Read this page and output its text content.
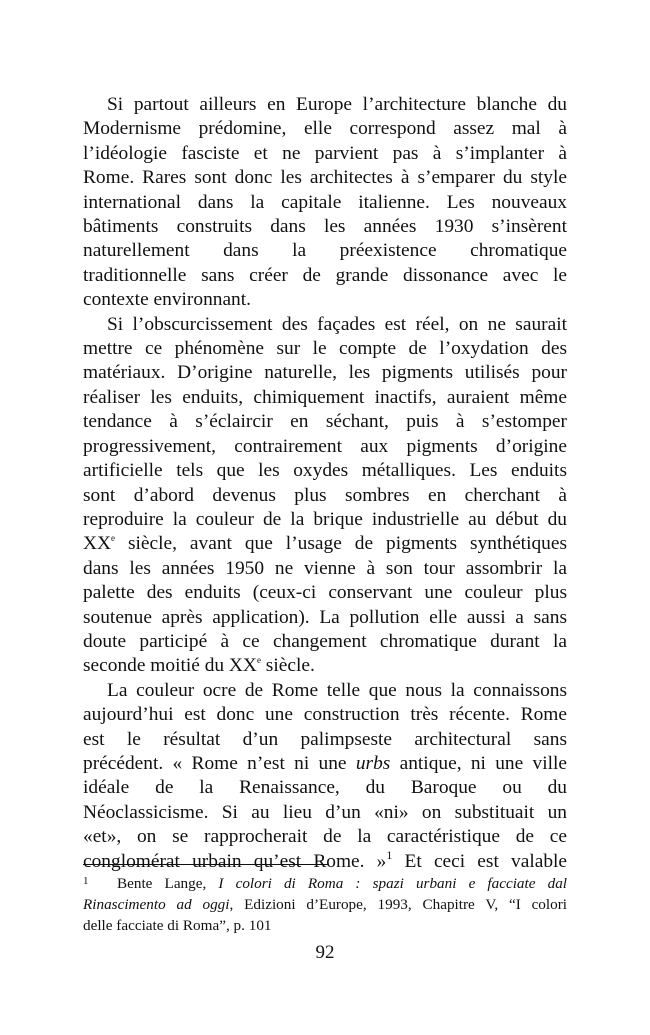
Si partout ailleurs en Europe l’architecture blanche du
Modernisme prédomine, elle correspond assez mal à
l’idéologie fasciste et ne parvient pas à s’implanter à
Rome. Rares sont donc les architectes à s’emparer du style
international dans la capitale italienne. Les nouveaux
bâtiments construits dans les années 1930 s’insèrent
naturellement dans la préexistence chromatique
traditionnelle sans créer de grande dissonance avec le
contexte environnant.

Si l’obscurcissement des façades est réel, on ne saurait
mettre ce phénomène sur le compte de l’oxydation des
matériaux. D’origine naturelle, les pigments utilisés pour
réaliser les enduits, chimiquement inactifs, auraient même
tendance à s’éclaircir en séchant, puis à s’estomper
progressivement, contrairement aux pigments d’origine
artificielle tels que les oxydes métalliques. Les enduits
sont d’abord devenus plus sombres en cherchant à
reproduire la couleur de la brique industrielle au début du
XXe siècle, avant que l’usage de pigments synthétiques
dans les années 1950 ne vienne à son tour assombrir la
palette des enduits (ceux-ci conservant une couleur plus
soutenue après application). La pollution elle aussi a sans
doute participé à ce changement chromatique durant la
seconde moitié du XXe siècle.

La couleur ocre de Rome telle que nous la connaissons
aujourd’hui est donc une construction très récente. Rome
est le résultat d’un palimpseste architectural sans
précédent. « Rome n’est ni une urbs antique, ni une ville
idéale de la Renaissance, du Baroque ou du
Néoclassicisme. Si au lieu d’un «ni» on substituait un
«et», on se rapprocherait de la caractéristique de ce
conglomérat urbain qu’est Rome. »$^1$ Et ceci est valable

1 Bente Lange, I colori di Roma : spazi urbani e facciate dal
Rinascimento ad oggi, Edizioni d’Europe, 1993, Chapitre V, “I colori
delle facciate di Roma”, p. 101
92
